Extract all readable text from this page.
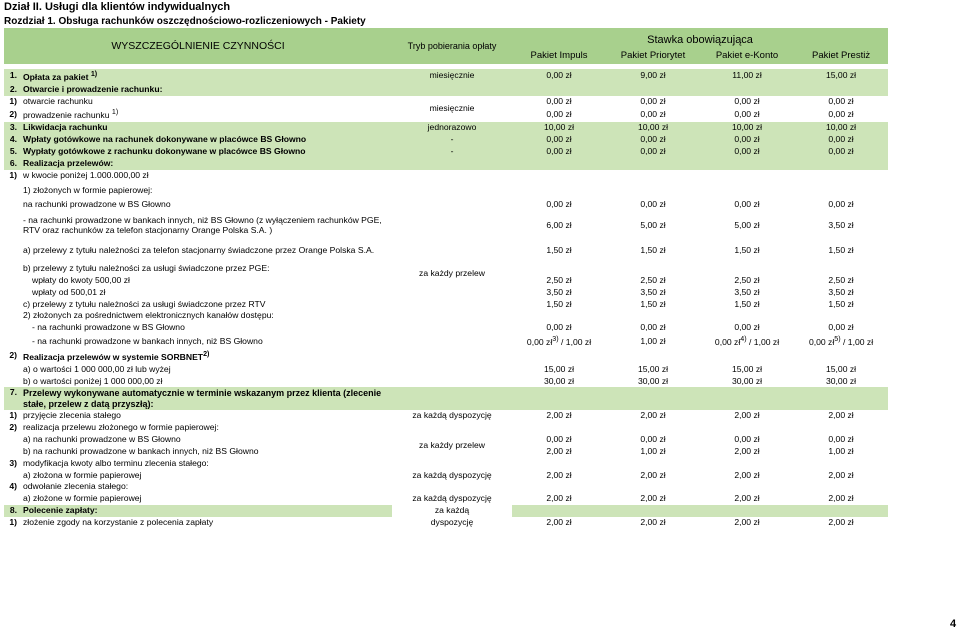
Dział II. Usługi dla klientów indywidualnych
Rozdział 1. Obsługa rachunków oszczędnościowo-rozliczeniowych - Pakiety
WYSZCZEGÓLNIENIE CZYNNOŚCI		Tryb pobierania opłaty	Stawka obowiązująca			
			Pakiet Impuls	Pakiet Priorytet	Pakiet e-Konto	Pakiet Prestiż

1.	Opłata za pakiet $^{1)}$	miesięcznie	0,00 zł	9,00 zł	11,00 zł	15,00 zł
2.	Otwarcie i prowadzenie rachunku:					
1)	otwarcie rachunku	miesięcznie	0,00 zł	0,00 zł	0,00 zł	0,00 zł
2)	prowadzenie rachunku $^{1)}$		0,00 zł	0,00 zł	0,00 zł	0,00 zł
3.	Likwidacja rachunku	jednorazowo	10,00 zł	10,00 zł	10,00 zł	10,00 zł
4.	Wpłaty gotówkowe na rachunek dokonywane w placówce BS Głowno	-	0,00 zł	0,00 zł	0,00 zł	0,00 zł
5.	Wypłaty gotówkowe z rachunku dokonywane w placówce BS Głowno	-	0,00 zł	0,00 zł	0,00 zł	0,00 zł
6.	Realizacja przelewów:					
1)	w kwocie poniżej 1.000.000,00 zł					
	1) złożonych w formie papierowej:					
	na rachunki prowadzone w BS Głowno		0,00 zł	0,00 zł	0,00 zł	0,00 zł
	- na rachunki prowadzone w bankach innych, niż BS Głowno (z wyłączeniem rachunków PGE, RTV oraz rachunków za telefon stacjonarny Orange Polska S.A. )		6,00 zł	5,00 zł	5,00 zł	3,50 zł
	a) przelewy z tytułu należności za telefon stacjonarny świadczone przez Orange Polska S.A.		1,50 zł	1,50 zł	1,50 zł	1,50 zł
	b) przelewy z tytułu należności za usługi świadczone przez PGE:	za każdy przelew				
	wpłaty do kwoty 500,00 zł		2,50 zł	2,50 zł	2,50 zł	2,50 zł
	wpłaty od 500,01 zł		3,50 zł	3,50 zł	3,50 zł	3,50 zł
	c) przelewy z tytułu należności za usługi świadczone przez RTV		1,50 zł	1,50 zł	1,50 zł	1,50 zł
	2) złożonych za pośrednictwem elektronicznych kanałów dostępu:					
	- na rachunki prowadzone w BS Głowno		0,00 zł	0,00 zł	0,00 zł	0,00 zł
	- na rachunki prowadzone w bankach innych, niż BS Głowno		0,00 $zł^{3)} / 1,00$ zł	1,00 zł	0,00 $zł^{4)} / 1,00$ zł	0,00 $zł^{5)} / 1,00$ zł
2)	Realizacja przelewów w systemie SORBNET$^{2)}$	
	a) o wartości 1 000 000,00 zł lub wyżej		15,00 zł	15,00 zł	15,00 zł	15,00 zł
	b) o wartości poniżej 1 000 000,00 zł		30,00 zł	30,00 zł	30,00 zł	30,00 zł
7.	Przelewy wykonywane automatycznie w terminie wskazanym przez klienta (zlecenie stałe, przelew z datą przyszłą):					
1)	przyjęcie zlecenia stałego	za każdą dyspozycję	2,00 zł	2,00 zł	2,00 zł	2,00 zł
2)	realizacja przelewu złożonego w formie papierowej:					
	a) na rachunki prowadzone w BS Głowno	za każdy przelew	0,00 zł	0,00 zł	0,00 zł	0,00 zł
	b) na rachunki prowadzone w bankach innych, niż BS Głowno		2,00 zł	1,00 zł	2,00 zł	1,00 zł
3)	modyfikacja kwoty albo terminu zlecenia stałego:					
	a) złożona w formie papierowej	za każdą dyspozycję	2,00 zł	2,00 zł	2,00 zł	2,00 zł
4)	odwołanie zlecenia stałego:					
	a) złożone w formie papierowej	za każdą dyspozycję	2,00 zł	2,00 zł	2,00 zł	2,00 zł
8.	Polecenie zapłaty:	za każdą				
1)	złożenie zgody na korzystanie z polecenia zapłaty	dyspozycję	2,00 zł	2,00 zł	2,00 zł	2,00 zł
4
